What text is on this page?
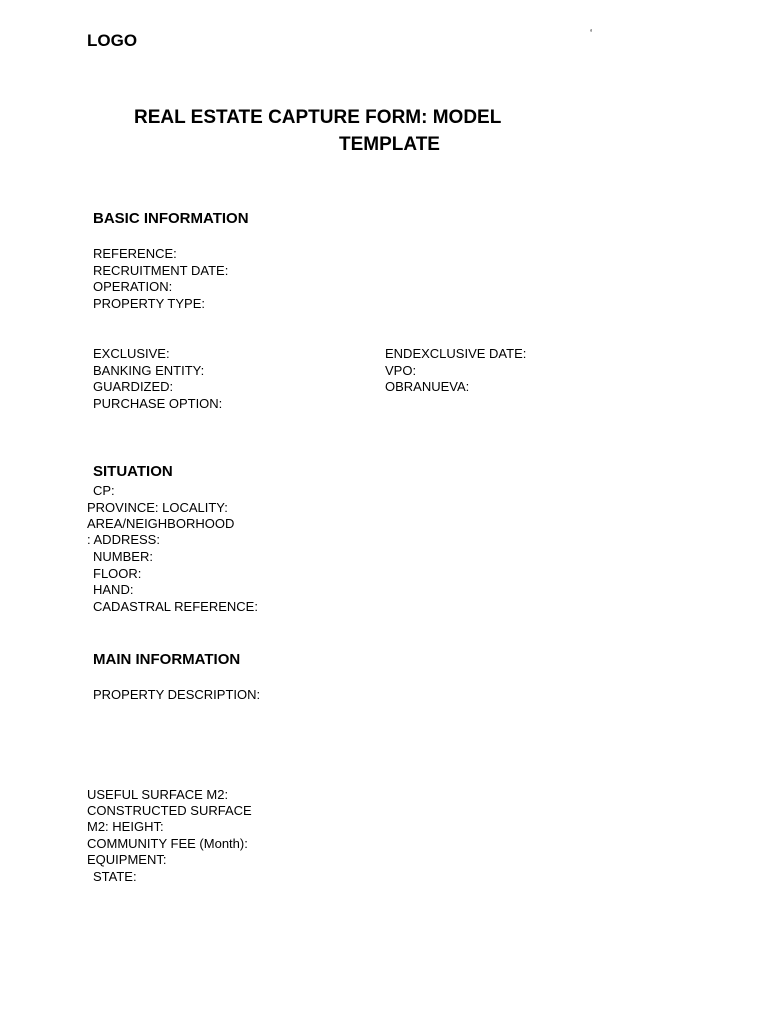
LOGO	‘
REAL ESTATE CAPTURE FORM: MODEL
TEMPLATE
BASIC INFORMATION
REFERENCE:
RECRUITMENT DATE:
OPERATION:
PROPERTY TYPE:
EXCLUSIVE:
BANKING ENTITY:
GUARDIZED:
PURCHASE OPTION:
ENDEXCLUSIVE DATE:
VPO:
OBRANUEVA:
SITUATION
CP:
PROVINCE: LOCALITY:
AREA/NEIGHBORHOOD
: ADDRESS:
NUMBER:
FLOOR:
HAND:
CADASTRAL REFERENCE:
MAIN INFORMATION
PROPERTY DESCRIPTION:
USEFUL SURFACE M2:
CONSTRUCTED SURFACE
M2: HEIGHT:
COMMUNITY FEE (Month):
EQUIPMENT:
STATE:
